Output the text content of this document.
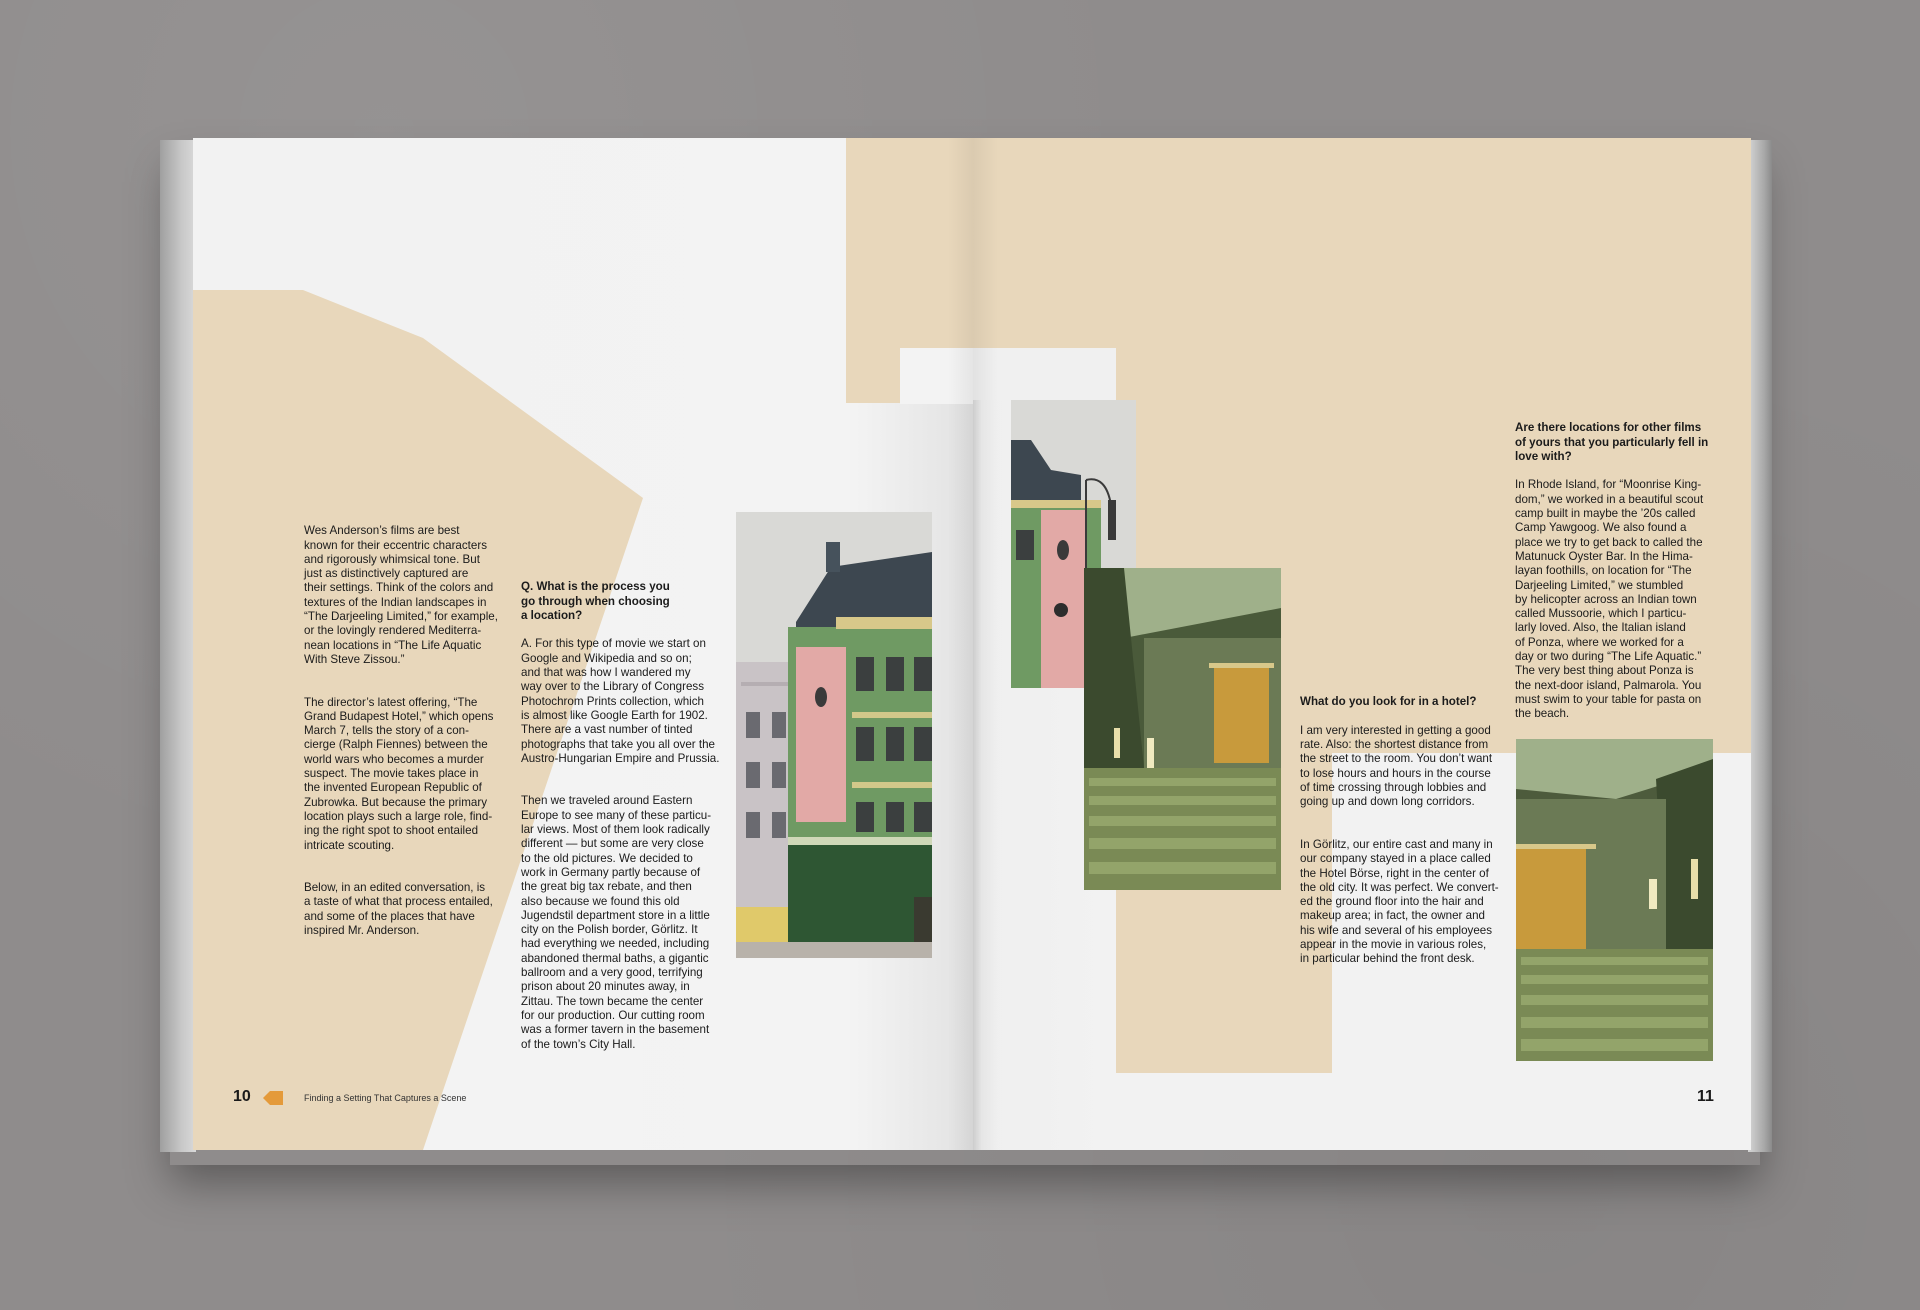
Wes Anderson’s films are best
known for their eccentric characters
and rigorously whimsical tone. But
just as distinctively captured are
their settings. Think of the colors and
textures of the Indian landscapes in
“The Darjeeling Limited,” for example,
or the lovingly rendered Mediterra-
nean locations in “The Life Aquatic
With Steve Zissou.”

The director’s latest offering, “The
Grand Budapest Hotel,” which opens
March 7, tells the story of a con-
cierge (Ralph Fiennes) between the
world wars who becomes a murder
suspect. The movie takes place in
the invented European Republic of
Zubrowka. But because the primary
location plays such a large role, find-
ing the right spot to shoot entailed
intricate scouting.

Below, in an edited conversation, is
a taste of what that process entailed,
and some of the places that have
inspired Mr. Anderson.

Q. What is the process you
go through when choosing
a location?

A. For this type of movie we start on
Google and Wikipedia and so on;
and that was how I wandered my
way over to the Library of Congress
Photochrom Prints collection, which
is almost like Google Earth for 1902.
There are a vast number of tinted
photographs that take you all over the
Austro-Hungarian Empire and Prussia.

Then we traveled around Eastern
Europe to see many of these particu-
lar views. Most of them look radically
different — but some are very close
to the old pictures. We decided to
work in Germany partly because of
the great big tax rebate, and then
also because we found this old
Jugendstil department store in a little
city on the Polish border, Görlitz. It
had everything we needed, including
abandoned thermal baths, a gigantic
ballroom and a very good, terrifying
prison about 20 minutes away, in
Zittau. The town became the center
for our production. Our cutting room
was a former tavern in the basement
of the town’s City Hall.

10	Finding a Setting That Captures a Scene

What do you look for in a hotel?

I am very interested in getting a good
rate. Also: the shortest distance from
the street to the room. You don’t want
to lose hours and hours in the course
of time crossing through lobbies and
going up and down long corridors.

In Görlitz, our entire cast and many in
our company stayed in a place called
the Hotel Börse, right in the center of
the old city. It was perfect. We convert-
ed the ground floor into the hair and
makeup area; in fact, the owner and
his wife and several of his employees
appear in the movie in various roles,
in particular behind the front desk.

Are there locations for other films
of yours that you particularly fell in
love with?

In Rhode Island, for “Moonrise King-
dom,” we worked in a beautiful scout
camp built in maybe the ’20s called
Camp Yawgoog. We also found a
place we try to get back to called the
Matunuck Oyster Bar. In the Hima-
layan foothills, on location for “The
Darjeeling Limited,” we stumbled
by helicopter across an Indian town
called Mussoorie, which I particu-
larly loved. Also, the Italian island
of Ponza, where we worked for a
day or two during “The Life Aquatic.”
The very best thing about Ponza is
the next-door island, Palmarola. You
must swim to your table for pasta on
the beach.

11
